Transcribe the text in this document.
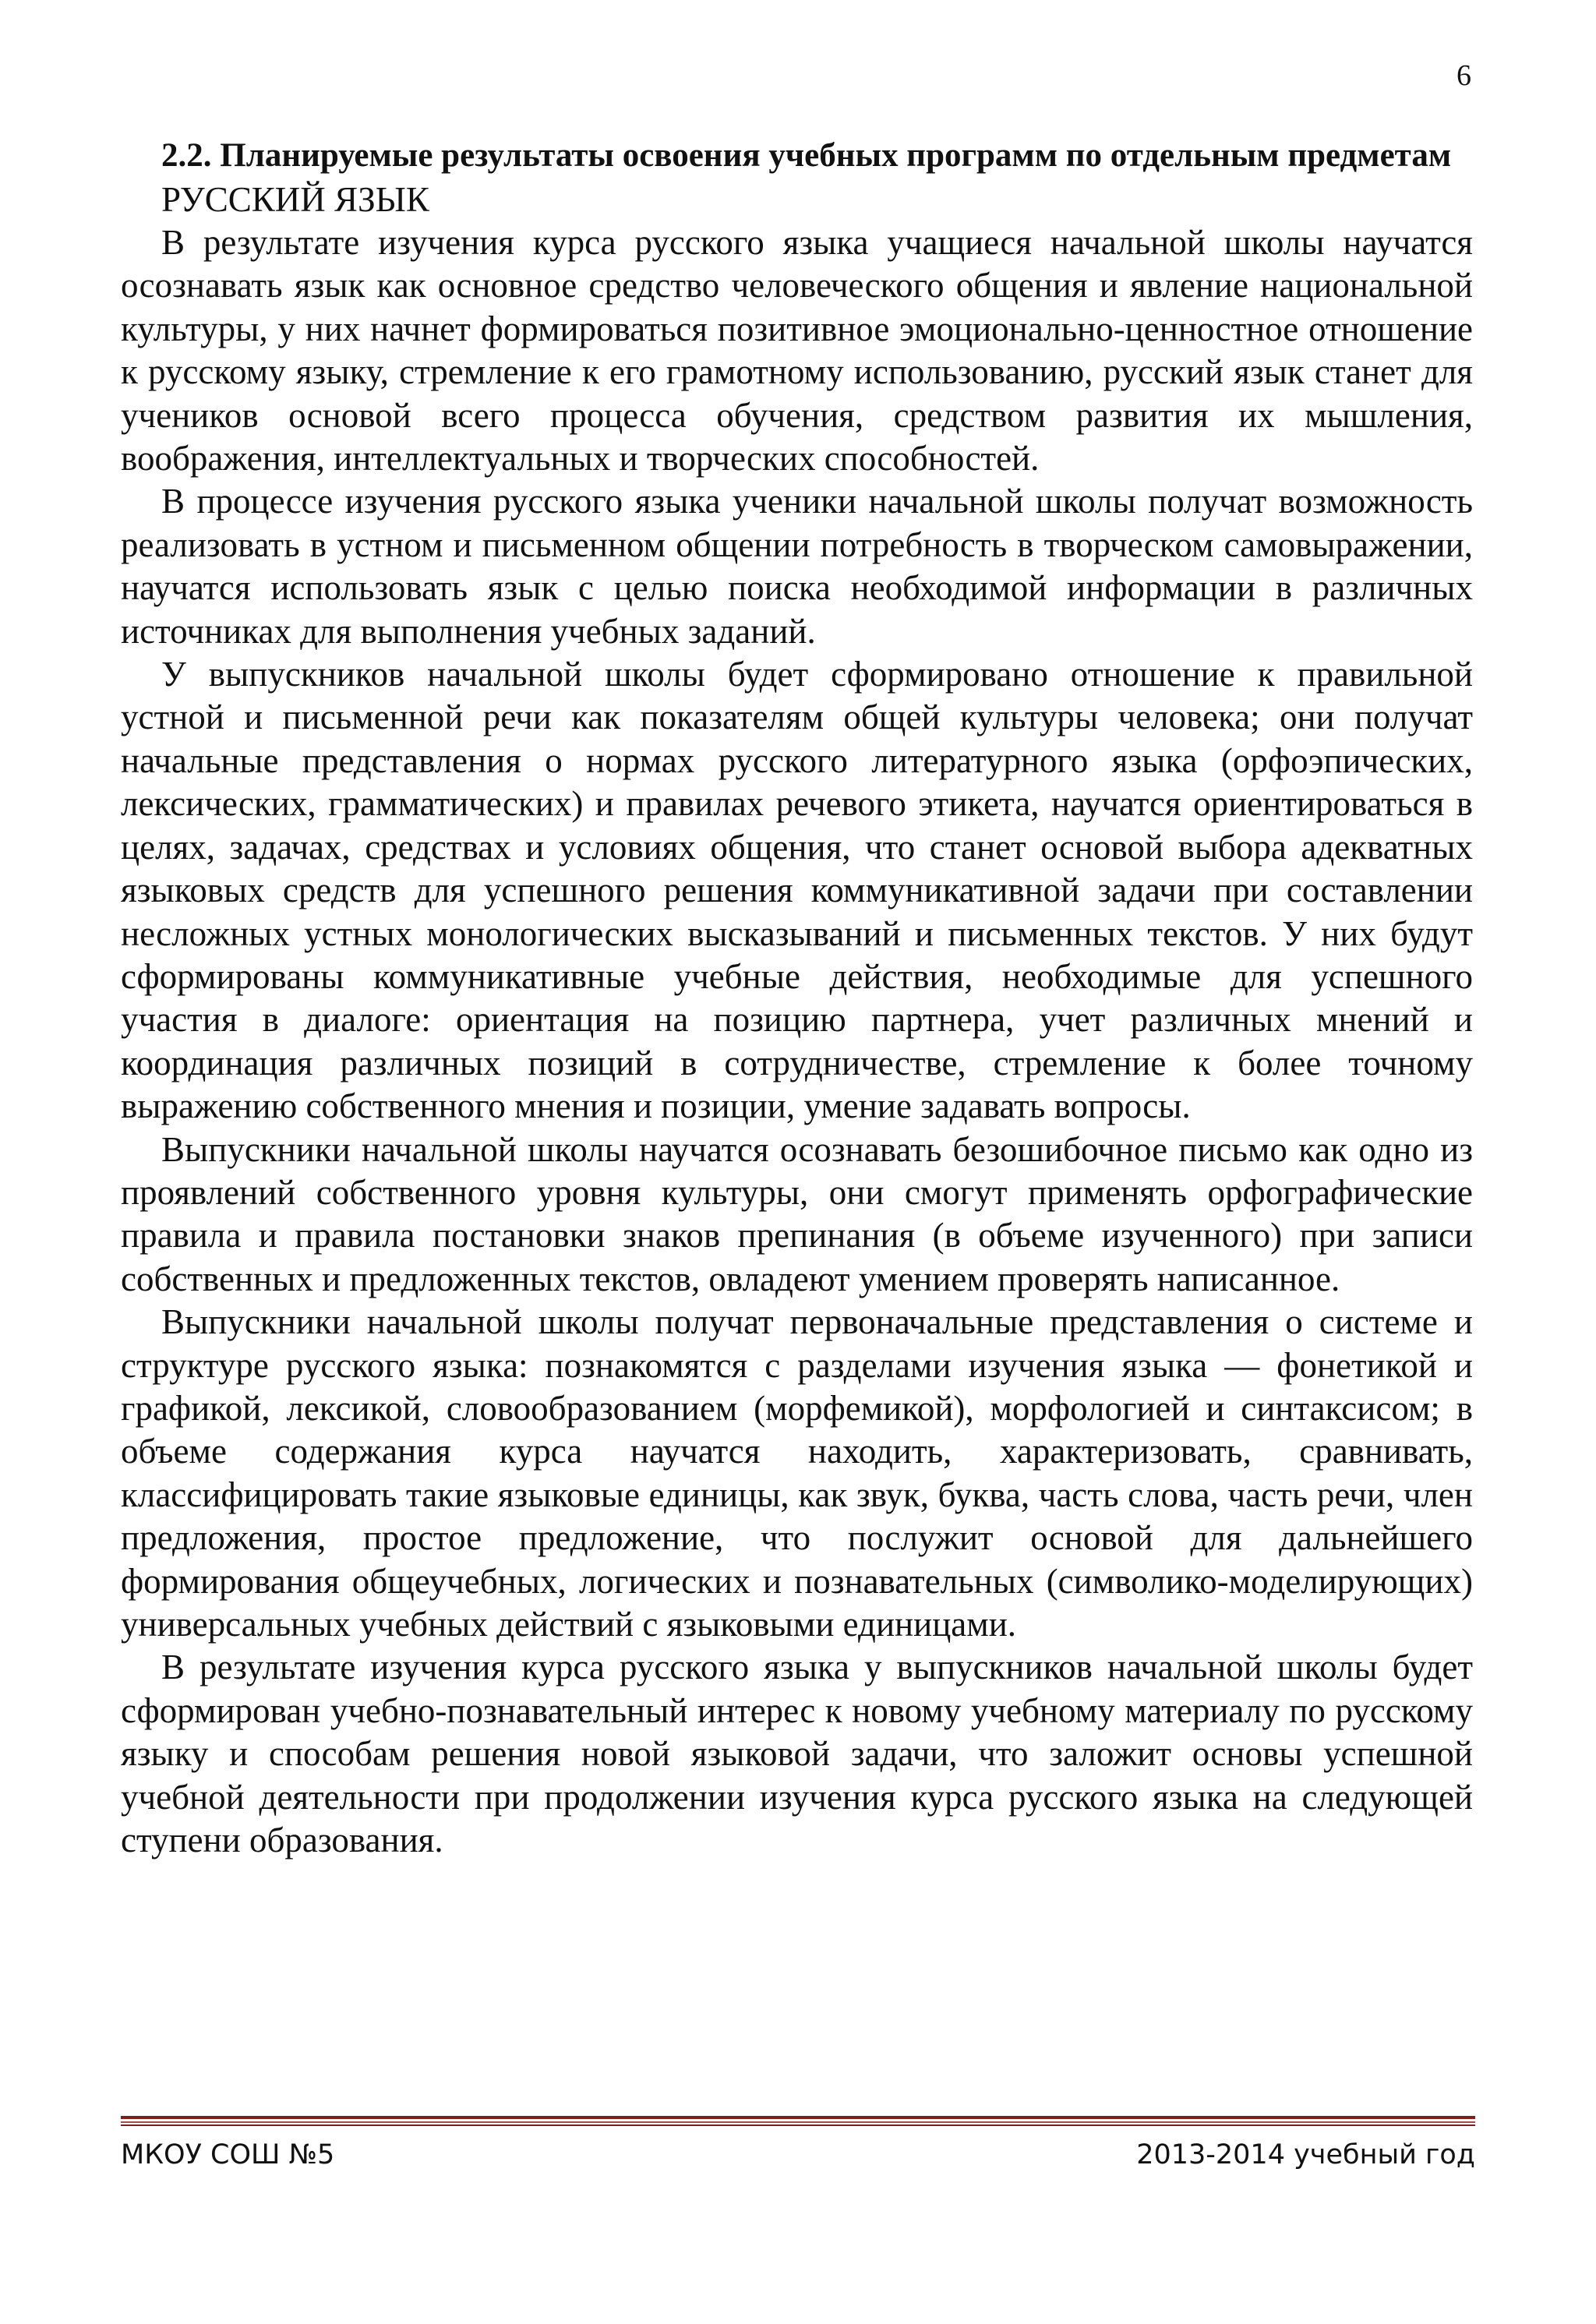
6

2.2. Планируемые результаты освоения учебных программ по отдельным предметам

РУССКИЙ ЯЗЫК

В результате изучения курса русского языка учащиеся начальной школы научатся осознавать язык как основное средство человеческого общения и явление национальной культуры, у них начнет формироваться позитивное эмоционально-ценностное отношение к русскому языку, стремление к его грамотному использованию, русский язык станет для учеников основой всего процесса обучения, средством развития их мышления, воображения, интеллектуальных и творческих способностей.

В процессе изучения русского языка ученики начальной школы получат возможность реализовать в устном и письменном общении потребность в творческом самовыражении, научатся использовать язык с целью поиска необходимой информации в различных источниках для выполнения учебных заданий.

У выпускников начальной школы будет сформировано отношение к правильной устной и письменной речи как показателям общей культуры человека; они получат начальные представления о нормах русского литературного языка (орфоэпических, лексических, грамматических) и правилах речевого этикета, научатся ориентироваться в целях, задачах, средствах и условиях общения, что станет основой выбора адекватных языковых средств для успешного решения коммуникативной задачи при составлении несложных устных монологических высказываний и письменных текстов. У них будут сформированы коммуникативные учебные действия, необходимые для успешного участия в диалоге: ориентация на позицию партнера, учет различных мнений и координация различных позиций в сотрудничестве, стремление к более точному выражению собственного мнения и позиции, умение задавать вопросы.

Выпускники начальной школы научатся осознавать безошибочное письмо как одно из проявлений собственного уровня культуры, они смогут применять орфографические правила и правила постановки знаков препинания (в объеме изученного) при записи собственных и предложенных текстов, овладеют умением проверять написанное.

Выпускники начальной школы получат первоначальные представления о системе и структуре русского языка: познакомятся с разделами изучения языка — фонетикой и графикой, лексикой, словообразованием (морфемикой), морфологией и синтаксисом; в объеме содержания курса научатся находить, характеризовать, сравнивать, классифицировать такие языковые единицы, как звук, буква, часть слова, часть речи, член предложения, простое предложение, что послужит основой для дальнейшего формирования общеучебных, логических и познавательных (символико-моделирующих) универсальных учебных действий с языковыми единицами.

В результате изучения курса русского языка у выпускников начальной школы будет сформирован учебно-познавательный интерес к новому учебному материалу по русскому языку и способам решения новой языковой задачи, что заложит основы успешной учебной деятельности при продолжении изучения курса русского языка на следующей ступени образования.

МКОУ СОШ №5	2013-2014 учебный год
